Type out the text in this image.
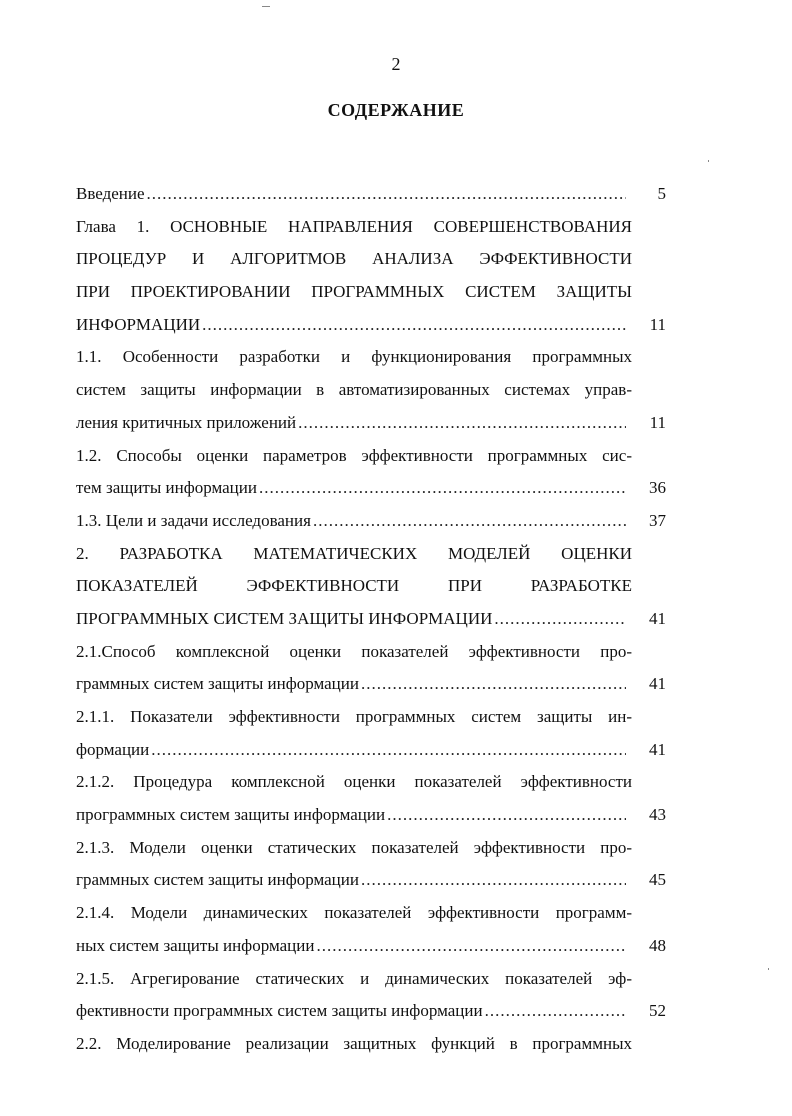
2
СОДЕРЖАНИЕ
Введение .....	5
Глава 1. ОСНОВНЫЕ НАПРАВЛЕНИЯ СОВЕРШЕНСТВОВАНИЯ
ПРОЦЕДУР И АЛГОРИТМОВ АНАЛИЗА ЭФФЕКТИВНОСТИ
ПРИ ПРОЕКТИРОВАНИИ ПРОГРАММНЫХ СИСТЕМ ЗАЩИТЫ
ИНФОРМАЦИИ .....	11
1.1. Особенности разработки и функционирования программных
систем защиты информации в автоматизированных системах управ-
ления критичных приложений .....	11
1.2. Способы оценки параметров эффективности программных сис-
тем защиты информации .....	36
1.3. Цели и задачи исследования .....	37
2. РАЗРАБОТКА МАТЕМАТИЧЕСКИХ МОДЕЛЕЙ ОЦЕНКИ
ПОКАЗАТЕЛЕЙ ЭФФЕКТИВНОСТИ ПРИ РАЗРАБОТКЕ
ПРОГРАММНЫХ СИСТЕМ ЗАЩИТЫ ИНФОРМАЦИИ .....	41
2.1.Способ комплексной оценки показателей эффективности про-
граммных систем защиты информации .....	41
2.1.1. Показатели эффективности программных систем защиты ин-
формации .....	41
2.1.2. Процедура комплексной оценки показателей эффективности
программных систем защиты информации .....	43
2.1.3. Модели оценки статических показателей эффективности про-
граммных систем защиты информации .....	45
2.1.4. Модели динамических показателей эффективности программ-
ных систем защиты информации .....	48
2.1.5. Агрегирование статических и динамических показателей эф-
фективности программных систем защиты информации .....	52
2.2. Моделирование реализации защитных функций в программных
